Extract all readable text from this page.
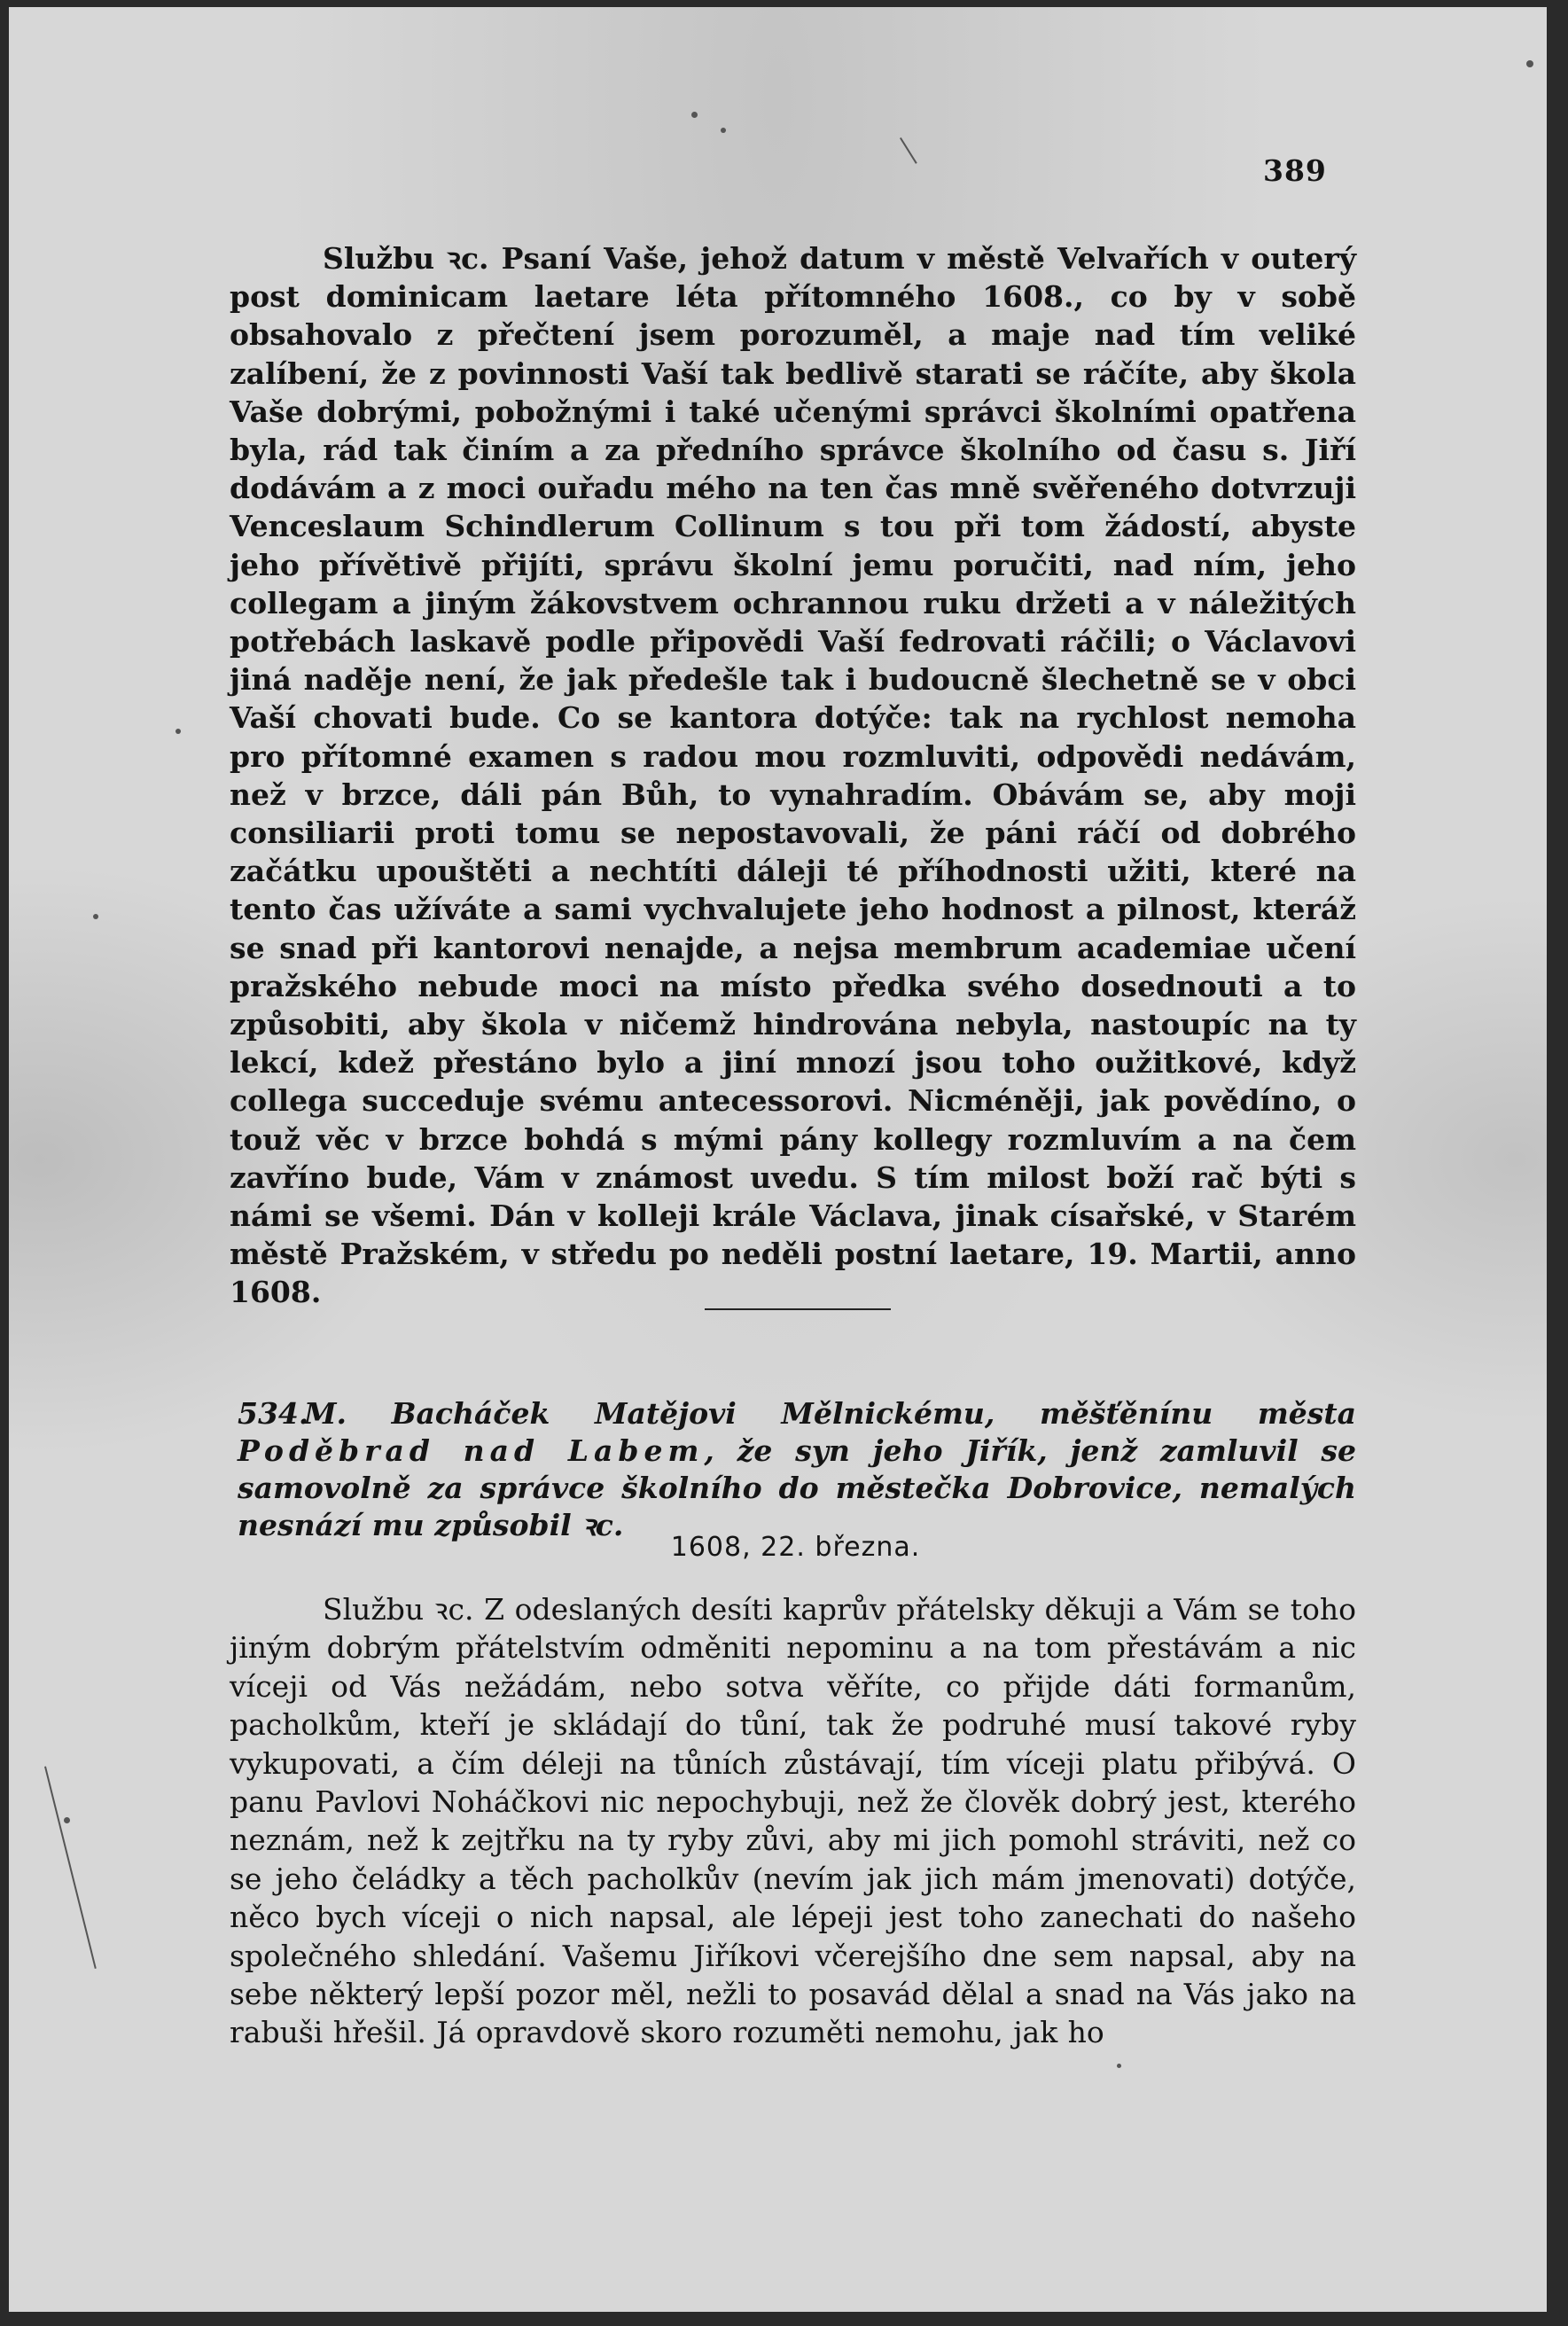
389

Službu ꝛc. Psaní Vaše, jehož datum v městě Velvařích v outerý post dominicam laetare léta přítomného 1608., co by v sobě obsahovalo z přečtení jsem porozuměl, a maje nad tím veliké zalíbení, že z povinnosti Vaší tak bedlivě starati se ráčíte, aby škola Vaše dobrými, pobožnými i také učenými správci školními opatřena byla, rád tak činím a za předního správce školního od času s. Jiří dodávám a z moci ouřadu mého na ten čas mně svěřeného dotvrzuji Venceslaum Schindlerum Collinum s tou při tom žádostí, abyste jeho přívětivě přijíti, správu školní jemu poručiti, nad ním, jeho collegam a jiným žákovstvem ochrannou ruku držeti a v náležitých potřebách laskavě podle připovědi Vaší fedrovati ráčili; o Václavovi jiná naděje není, že jak předešle tak i budoucně šlechetně se v obci Vaší chovati bude. Co se kantora dotýče: tak na rychlost nemoha pro přítomné examen s radou mou rozmluviti, odpovědi nedávám, než v brzce, dáli pán Bůh, to vynahradím. Obávám se, aby moji consiliarii proti tomu se nepostavovali, že páni ráčí od dobrého začátku upouštěti a nechtíti dáleji té příhodnosti užiti, které na tento čas užíváte a sami vychvalujete jeho hodnost a pilnost, kteráž se snad při kantorovi nenajde, a nejsa membrum academiae učení pražského nebude moci na místo předka svého dosednouti a to způsobiti, aby škola v ničemž hindrována nebyla, nastoupíc na ty lekcí, kdež přestáno bylo a jiní mnozí jsou toho oužitkové, když collega succeduje svému antecessorovi. Nicméněji, jak povědíno, o touž věc v brzce bohdá s mými pány kollegy rozmluvím a na čem zavříno bude, Vám v známost uvedu. S tím milost boží rač býti s námi se všemi. Dán v kolleji krále Václava, jinak císařské, v Starém městě Pražském, v středu po neděli postní laetare, 19. Martii, anno 1608.

534.M. Bacháček Matějovi Mělnickému, měšťěnínu města Poděbrad nad Labem, že syn jeho Jiřík, jenž zamluvil se samovolně za správce školního do městečka Dobrovice, nemalých nesnází mu způsobil ꝛc.
1608, 22. března.

Službu ꝛc. Z odeslaných desíti kaprův přátelsky děkuji a Vám se toho jiným dobrým přátelstvím odměniti nepominu a na tom přestávám a nic víceji od Vás nežádám, nebo sotva věříte, co přijde dáti formanům, pacholkům, kteří je skládají do tůní, tak že podruhé musí takové ryby vykupovati, a čím déleji na tůních zůstávají, tím víceji platu přibývá. O panu Pavlovi Noháčkovi nic nepochybuji, než že člověk dobrý jest, kterého neznám, než k zejtřku na ty ryby zůvi, aby mi jich pomohl stráviti, než co se jeho čeládky a těch pacholkův (nevím jak jich mám jmenovati) dotýče, něco bych víceji o nich napsal, ale lépeji jest toho zanechati do našeho společného shledání. Vašemu Jiříkovi včerejšího dne sem napsal, aby na sebe některý lepší pozor měl, nežli to posavád dělal a snad na Vás jako na rabuši hřešil. Já opravdově skoro rozuměti nemohu, jak ho
